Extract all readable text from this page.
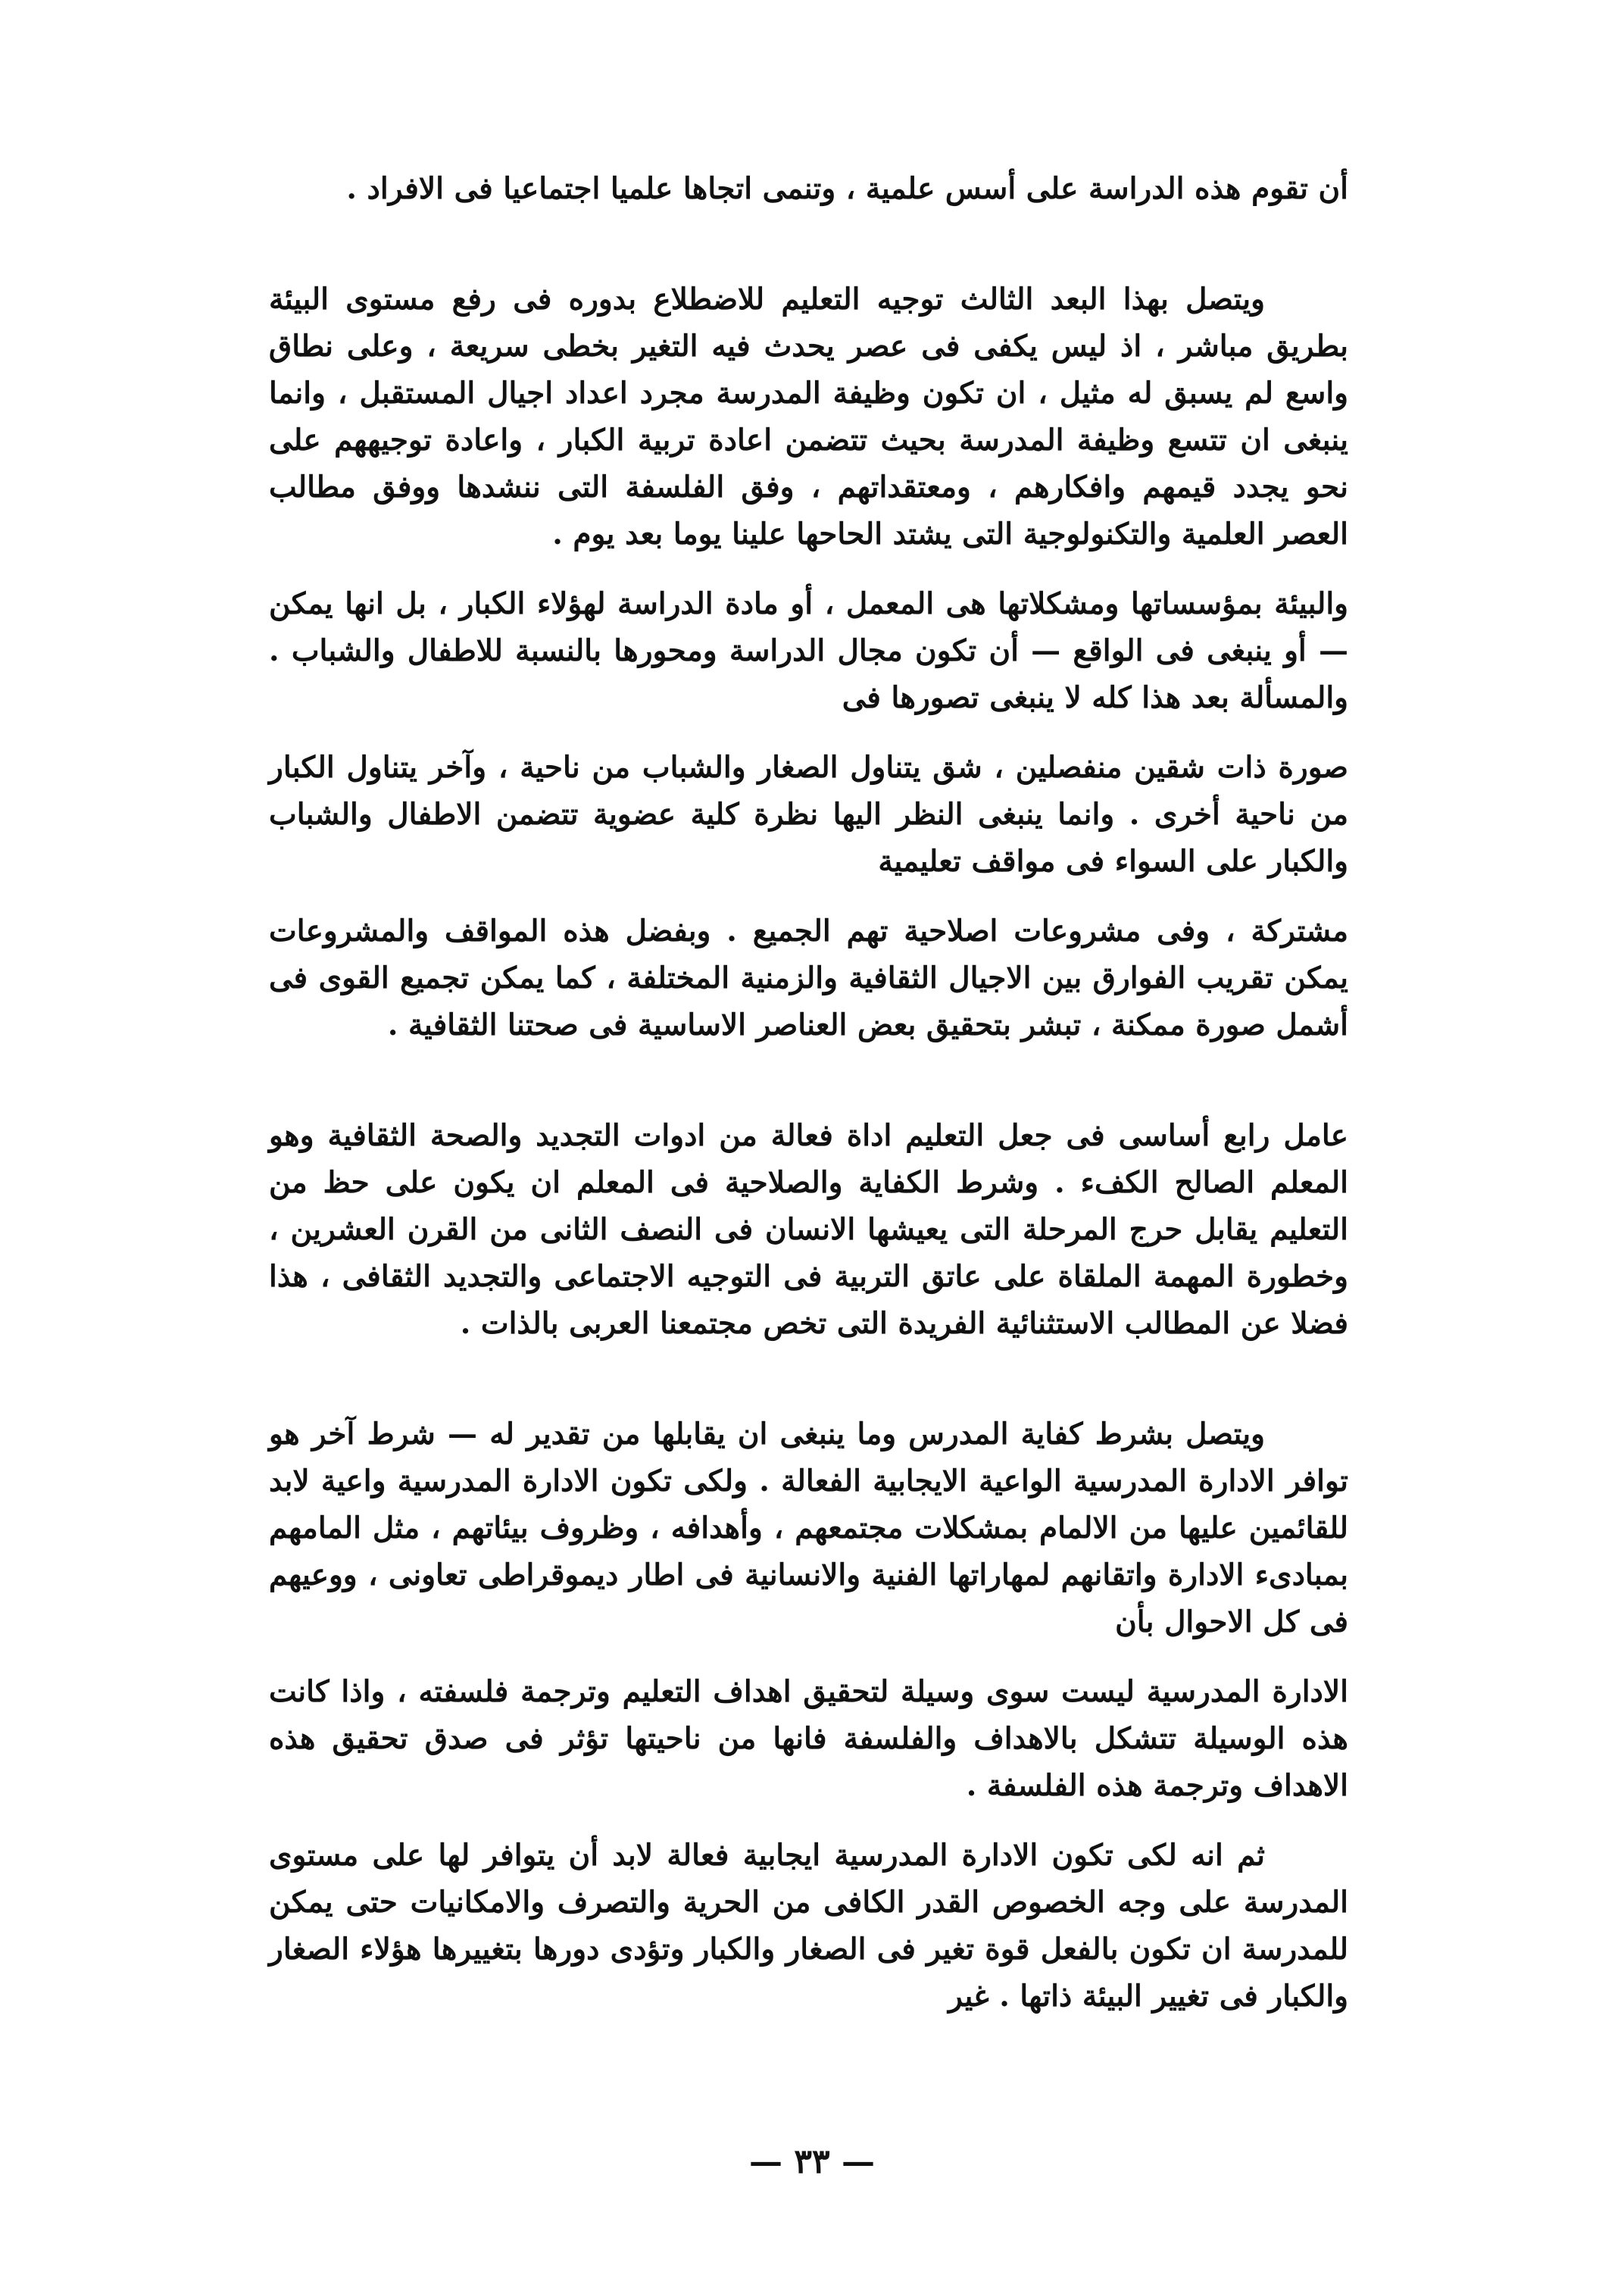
أن تقوم هذه الدراسة على أسس علمية ، وتنمى اتجاها علميا اجتماعيا فى الافراد .

ويتصل بهذا البعد الثالث توجيه التعليم للاضطلاع بدوره فى رفع مستوى البيئة بطريق مباشر ، اذ ليس يكفى فى عصر يحدث فيه التغير بخطى سريعة ، وعلى نطاق واسع لم يسبق له مثيل ، ان تكون وظيفة المدرسة مجرد اعداد اجيال المستقبل ، وانما ينبغى ان تتسع وظيفة المدرسة بحيث تتضمن اعادة تربية الكبار ، واعادة توجيههم على نحو يجدد قيمهم وافكارهم ، ومعتقداتهم ، وفق الفلسفة التى ننشدها ووفق مطالب العصر العلمية والتكنولوجية التى يشتد الحاحها علينا يوما بعد يوم .

والبيئة بمؤسساتها ومشكلاتها هى المعمل ، أو مادة الدراسة لهؤلاء الكبار ، بل انها يمكن — أو ينبغى فى الواقع — أن تكون مجال الدراسة ومحورها بالنسبة للاطفال والشباب . والمسألة بعد هذا كله لا ينبغى تصورها فى

صورة ذات شقين منفصلين ، شق يتناول الصغار والشباب من ناحية ، وآخر يتناول الكبار من ناحية أخرى . وانما ينبغى النظر اليها نظرة كلية عضوية تتضمن الاطفال والشباب والكبار على السواء فى مواقف تعليمية

مشتركة ، وفى مشروعات اصلاحية تهم الجميع . وبفضل هذه المواقف والمشروعات يمكن تقريب الفوارق بين الاجيال الثقافية والزمنية المختلفة ، كما يمكن تجميع القوى فى أشمل صورة ممكنة ، تبشر بتحقيق بعض العناصر الاساسية فى صحتنا الثقافية .

عامل رابع أساسى فى جعل التعليم اداة فعالة من ادوات التجديد والصحة الثقافية وهو المعلم الصالح الكفء . وشرط الكفاية والصلاحية فى المعلم ان يكون على حظ من التعليم يقابل حرج المرحلة التى يعيشها الانسان فى النصف الثانى من القرن العشرين ، وخطورة المهمة الملقاة على عاتق التربية فى التوجيه الاجتماعى والتجديد الثقافى ، هذا فضلا عن المطالب الاستثنائية الفريدة التى تخص مجتمعنا العربى بالذات .

ويتصل بشرط كفاية المدرس وما ينبغى ان يقابلها من تقدير له — شرط آخر هو توافر الادارة المدرسية الواعية الايجابية الفعالة . ولكى تكون الادارة المدرسية واعية لابد للقائمين عليها من الالمام بمشكلات مجتمعهم ، وأهدافه ، وظروف بيئاتهم ، مثل المامهم بمبادىء الادارة واتقانهم لمهاراتها الفنية والانسانية فى اطار ديموقراطى تعاونى ، ووعيهم فى كل الاحوال بأن

الادارة المدرسية ليست سوى وسيلة لتحقيق اهداف التعليم وترجمة فلسفته ، واذا كانت هذه الوسيلة تتشكل بالاهداف والفلسفة فانها من ناحيتها تؤثر فى صدق تحقيق هذه الاهداف وترجمة هذه الفلسفة .

ثم انه لكى تكون الادارة المدرسية ايجابية فعالة لابد أن يتوافر لها على مستوى المدرسة على وجه الخصوص القدر الكافى من الحرية والتصرف والامكانيات حتى يمكن للمدرسة ان تكون بالفعل قوة تغير فى الصغار والكبار وتؤدى دورها بتغييرها هؤلاء الصغار والكبار فى تغيير البيئة ذاتها . غير

— ٣٣ —
